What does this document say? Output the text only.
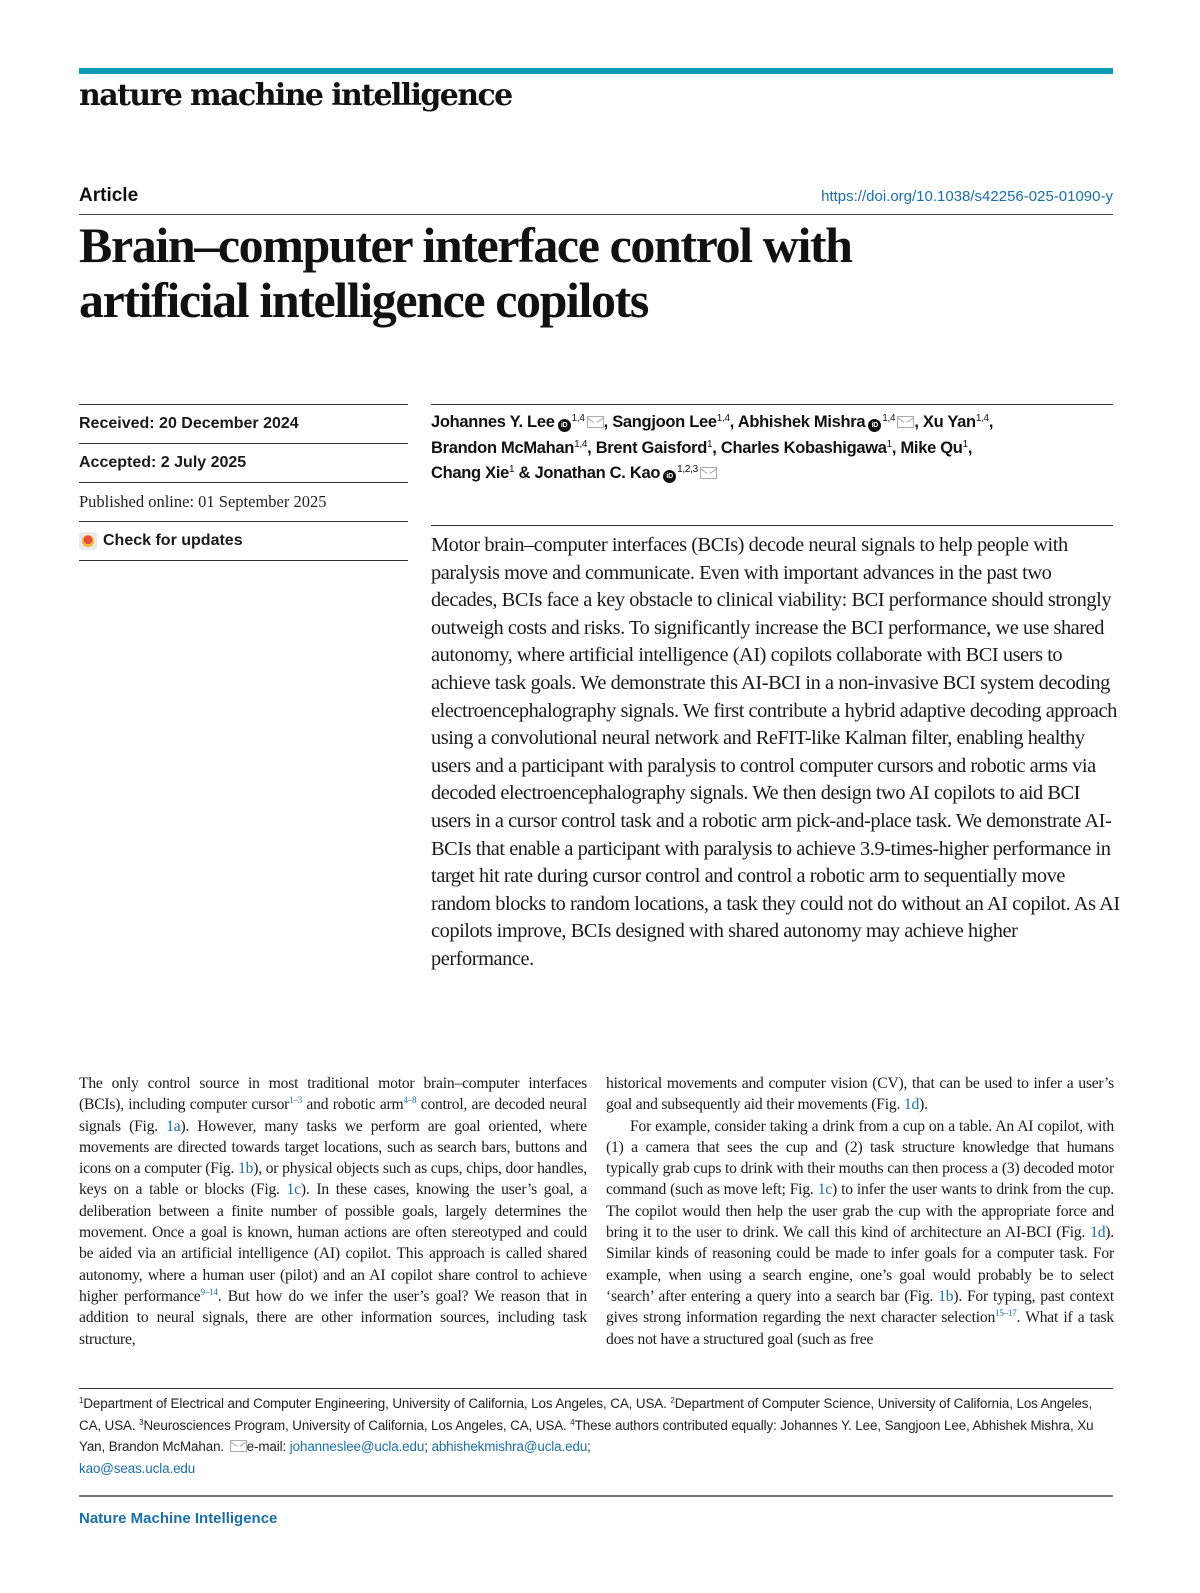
nature machine intelligence
Article	https://doi.org/10.1038/s42256-025-01090-y
Brain–computer interface control with
artificial intelligence copilots
Received: 20 December 2024
Accepted: 2 July 2025
Published online: 01 September 2025
Check for updates
Johannes Y. Lee iD$^{1,4}$ , Sangjoon Lee$^{1,4}$, Abhishek Mishra iD$^{1,4}$ , Xu Yan$^{1,4}$,
Brandon McMahan$^{1,4}$, Brent Gaisford$^1$, Charles Kobashigawa$^1$, Mike Qu$^1$,
Chang Xie$^1$ & Jonathan C. Kao iD$^{1,2,3}$

Motor brain–computer interfaces (BCIs) decode neural signals to help people with paralysis move and communicate. Even with important advances in the past two decades, BCIs face a key obstacle to clinical viability: BCI performance should strongly outweigh costs and risks. To significantly increase the BCI performance, we use shared autonomy, where artificial intelligence (AI) copilots collaborate with BCI users to achieve task goals. We demonstrate this AI-BCI in a non-invasive BCI system decoding electroencephalography signals. We first contribute a hybrid adaptive decoding approach using a convolutional neural network and ReFIT-like Kalman filter, enabling healthy users and a participant with paralysis to control computer cursors and robotic arms via decoded electroencephalography signals. We then design two AI copilots to aid BCI users in a cursor control task and a robotic arm pick-and-place task. We demonstrate AI-BCIs that enable a participant with paralysis to achieve 3.9-times-higher performance in target hit rate during cursor control and control a robotic arm to sequentially move random blocks to random locations, a task they could not do without an AI copilot. As AI copilots improve, BCIs designed with shared autonomy may achieve higher performance.

The only control source in most traditional motor brain–computer interfaces (BCIs), including computer cursor$^{1-3}$ and robotic arm$^{4-8}$ control, are decoded neural signals (Fig. 1a). However, many tasks we perform are goal oriented, where movements are directed towards target locations, such as search bars, buttons and icons on a computer (Fig. 1b), or physical objects such as cups, chips, door handles, keys on a table or blocks (Fig. 1c). In these cases, knowing the user’s goal, a deliberation between a finite number of possible goals, largely determines the movement. Once a goal is known, human actions are often stereotyped and could be aided via an artificial intelligence (AI) copilot. This approach is called shared autonomy, where a human user (pilot) and an AI copilot share control to achieve higher performance$^{9-14}$. But how do we infer the user’s goal? We reason that in addition to neural signals, there are other information sources, including task structure,

historical movements and computer vision (CV), that can be used to infer a user’s goal and subsequently aid their movements (Fig. 1d).

For example, consider taking a drink from a cup on a table. An AI copilot, with (1) a camera that sees the cup and (2) task structure knowledge that humans typically grab cups to drink with their mouths can then process a (3) decoded motor command (such as move left; Fig. 1c) to infer the user wants to drink from the cup. The copilot would then help the user grab the cup with the appropriate force and bring it to the user to drink. We call this kind of architecture an AI-BCI (Fig. 1d). Similar kinds of reasoning could be made to infer goals for a computer task. For example, when using a search engine, one’s goal would probably be to select ‘search’ after entering a query into a search bar (Fig. 1b). For typing, past context gives strong information regarding the next character selection$^{15-17}$. What if a task does not have a structured goal (such as free

$^1$Department of Electrical and Computer Engineering, University of California, Los Angeles, CA, USA. $^2$Department of Computer Science, University of California, Los Angeles, CA, USA. $^3$Neurosciences Program, University of California, Los Angeles, CA, USA. $^4$These authors contributed equally: Johannes Y. Lee, Sangjoon Lee, Abhishek Mishra, Xu Yan, Brandon McMahan. e-mail: johanneslee@ucla.edu; abhishekmishra@ucla.edu;
kao@seas.ucla.edu
Nature Machine Intelligence
